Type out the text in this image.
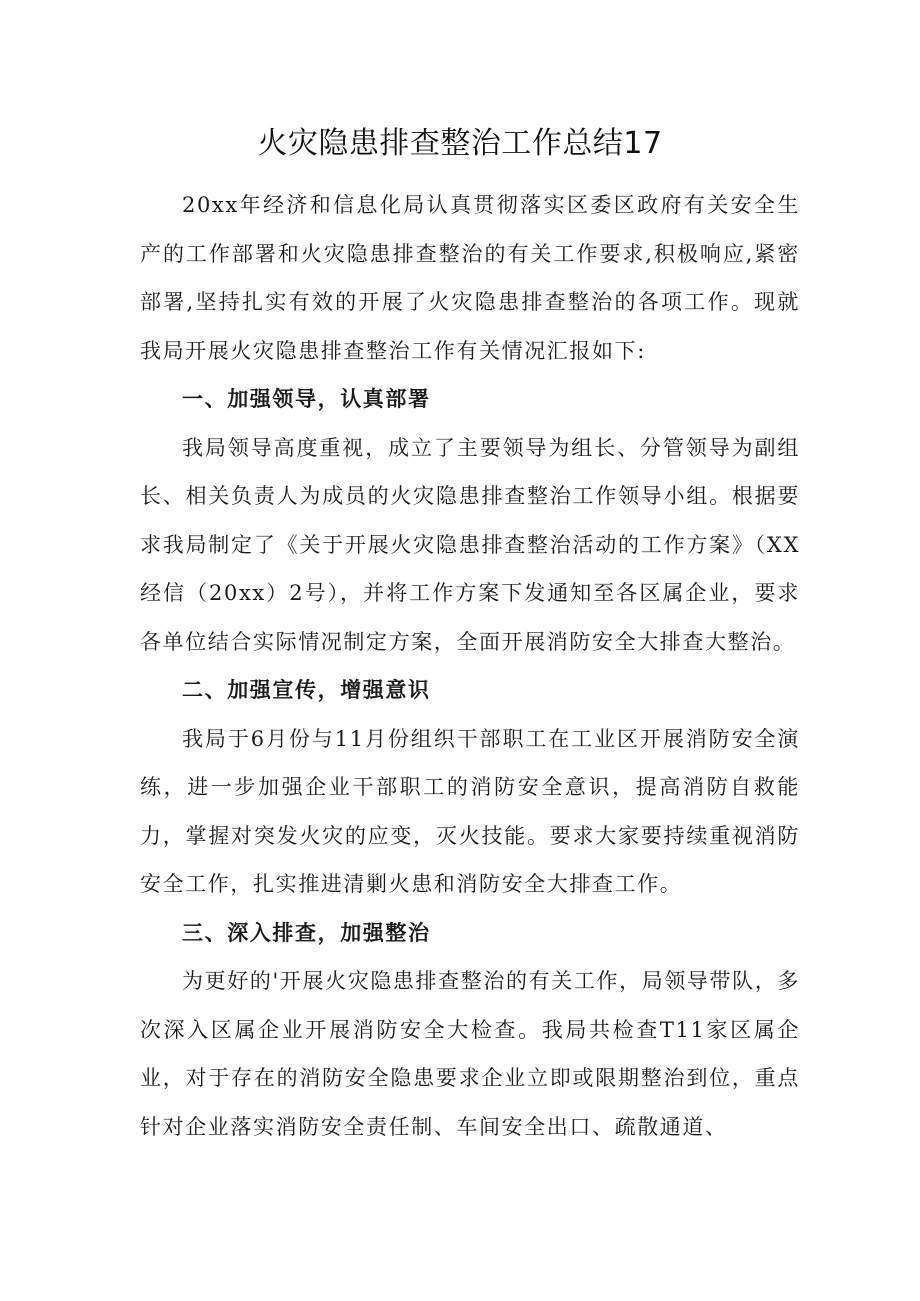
火灾隐患排查整治工作总结17

20xx年经济和信息化局认真贯彻落实区委区政府有关安全生产的工作部署和火灾隐患排查整治的有关工作要求,积极响应,紧密部署,坚持扎实有效的开展了火灾隐患排查整治的各项工作。现就我局开展火灾隐患排查整治工作有关情况汇报如下:

一、加强领导，认真部署

我局领导高度重视，成立了主要领导为组长、分管领导为副组长、相关负责人为成员的火灾隐患排查整治工作领导小组。根据要求我局制定了《关于开展火灾隐患排查整治活动的工作方案》（XX经信（20xx）2号），并将工作方案下发通知至各区属企业，要求各单位结合实际情况制定方案，全面开展消防安全大排查大整治。

二、加强宣传，增强意识

我局于6月份与11月份组织干部职工在工业区开展消防安全演练，进一步加强企业干部职工的消防安全意识，提高消防自救能力，掌握对突发火灾的应变，灭火技能。要求大家要持续重视消防安全工作，扎实推进清剿火患和消防安全大排查工作。

三、深入排查，加强整治

为更好的'开展火灾隐患排查整治的有关工作，局领导带队，多次深入区属企业开展消防安全大检查。我局共检查T11家区属企业，对于存在的消防安全隐患要求企业立即或限期整治到位，重点针对企业落实消防安全责任制、车间安全出口、疏散通道、
